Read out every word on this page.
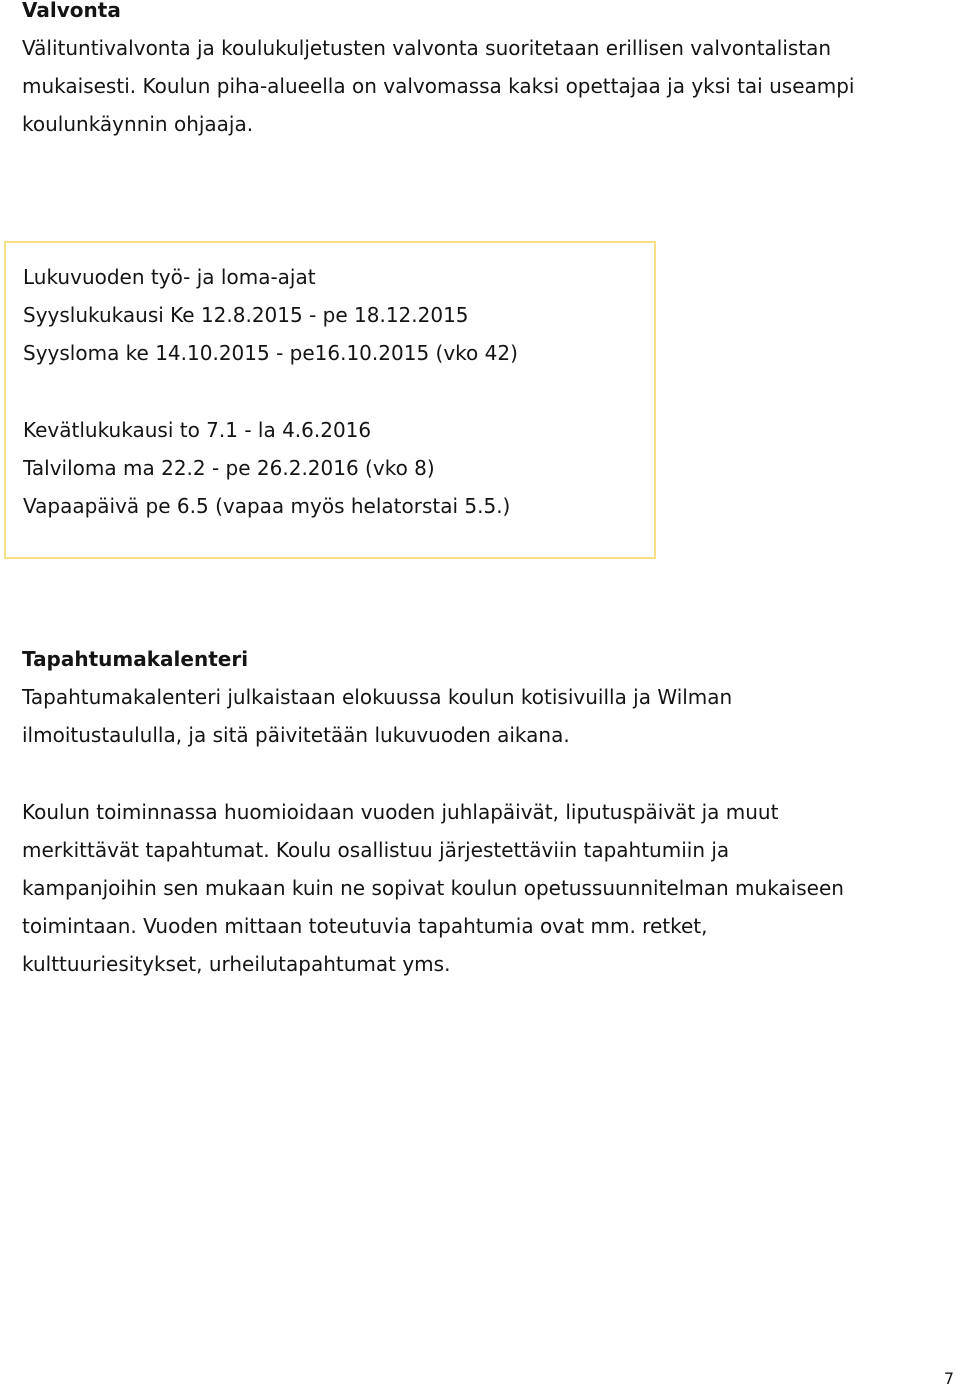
Valvonta
Välituntivalvonta ja koulukuljetusten valvonta suoritetaan erillisen valvontalistan
mukaisesti. Koulun piha-alueella on valvomassa kaksi opettajaa ja yksi tai useampi
koulunkäynnin ohjaaja.
Lukuvuoden työ- ja loma-ajat
Syyslukukausi Ke 12.8.2015 - pe 18.12.2015
Syysloma ke 14.10.2015 - pe16.10.2015 (vko 42)
Kevätlukukausi to 7.1 - la 4.6.2016
Talviloma ma 22.2 - pe 26.2.2016 (vko 8)
Vapaapäivä pe 6.5 (vapaa myös helatorstai 5.5.)
Tapahtumakalenteri
Tapahtumakalenteri julkaistaan elokuussa koulun kotisivuilla ja Wilman
ilmoitustaululla, ja sitä päivitetään lukuvuoden aikana.
Koulun toiminnassa huomioidaan vuoden juhlapäivät, liputuspäivät ja muut
merkittävät tapahtumat. Koulu osallistuu järjestettäviin tapahtumiin ja
kampanjoihin sen mukaan kuin ne sopivat koulun opetussuunnitelman mukaiseen
toimintaan. Vuoden mittaan toteutuvia tapahtumia ovat mm. retket,
kulttuuriesitykset, urheilutapahtumat yms.
7
